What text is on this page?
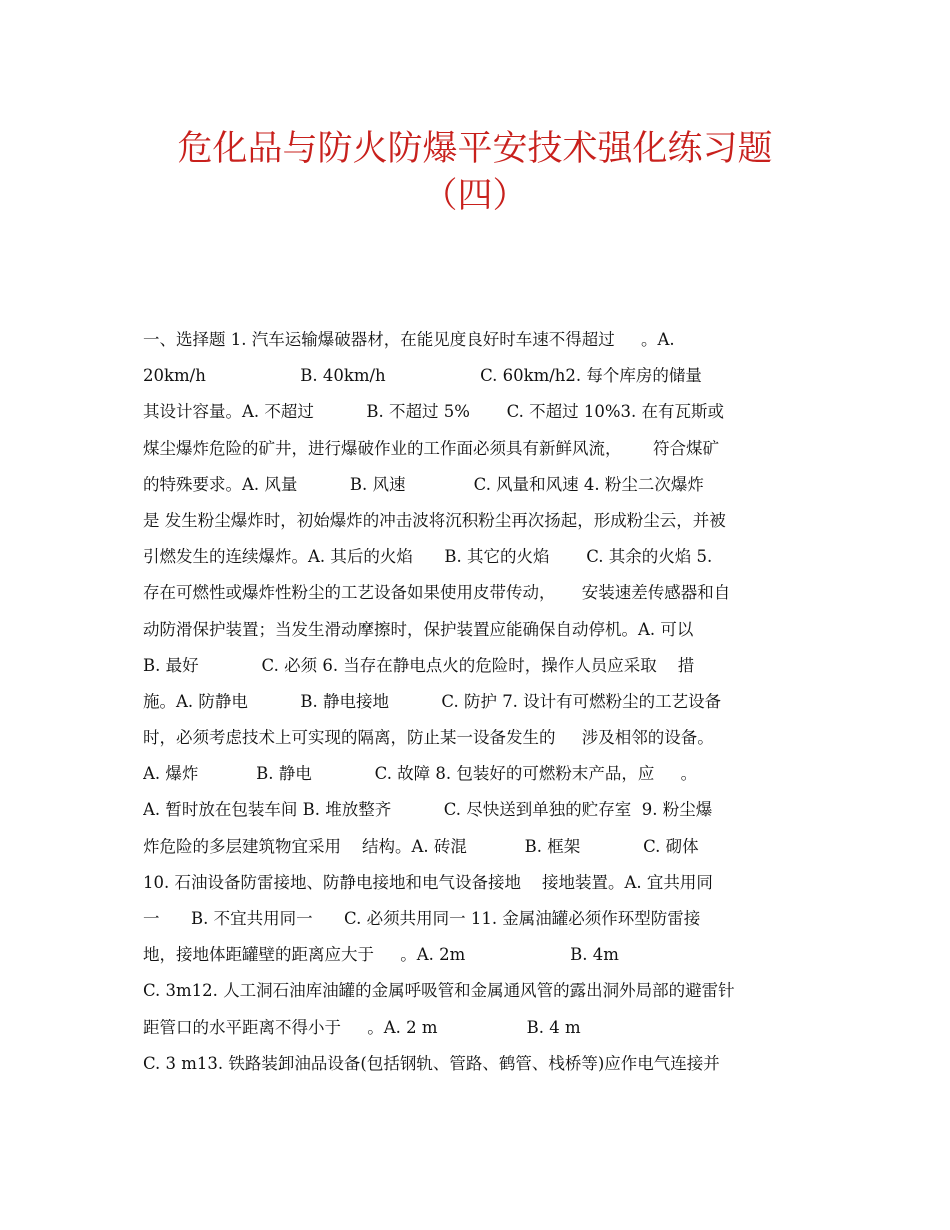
危化品与防火防爆平安技术强化练习题
（四）
一、选择题 1. 汽车运输爆破器材，在能见度良好时车速不得超过     。A.
20km/h                  B. 40km/h                  C. 60km/h2. 每个库房的储量
其设计容量。A. 不超过          B. 不超过 5%       C. 不超过 10%3. 在有瓦斯或
煤尘爆炸危险的矿井，进行爆破作业的工作面必须具有新鲜风流，      符合煤矿
的特殊要求。A. 风量          B. 风速             C. 风量和风速 4. 粉尘二次爆炸
是 发生粉尘爆炸时，初始爆炸的冲击波将沉积粉尘再次扬起，形成粉尘云，并被
引燃发生的连续爆炸。A. 其后的火焰      B. 其它的火焰       C. 其余的火焰 5.
存在可燃性或爆炸性粉尘的工艺设备如果使用皮带传动，     安装速差传感器和自
动防滑保护装置；当发生滑动摩擦时，保护装置应能确保自动停机。A. 可以
B. 最好            C. 必须 6. 当存在静电点火的危险时，操作人员应采取    措
施。A. 防静电          B. 静电接地          C. 防护 7. 设计有可燃粉尘的工艺设备
时，必须考虑技术上可实现的隔离，防止某一设备发生的     涉及相邻的设备。
A. 爆炸           B. 静电            C. 故障 8. 包装好的可燃粉末产品，应     。
A. 暂时放在包装车间 B. 堆放整齐          C. 尽快送到单独的贮存室  9. 粉尘爆
炸危险的多层建筑物宜采用    结构。A. 砖混           B. 框架            C. 砌体
10. 石油设备防雷接地、防静电接地和电气设备接地    接地装置。A. 宜共用同
一      B. 不宜共用同一      C. 必须共用同一 11. 金属油罐必须作环型防雷接
地，接地体距罐壁的距离应大于     。A. 2m                    B. 4m
C. 3m12. 人工洞石油库油罐的金属呼吸管和金属通风管的露出洞外局部的避雷针
距管口的水平距离不得小于     。A. 2 m                 B. 4 m
C. 3 m13. 铁路装卸油品设备(包括钢轨、管路、鹤管、栈桥等)应作电气连接并
